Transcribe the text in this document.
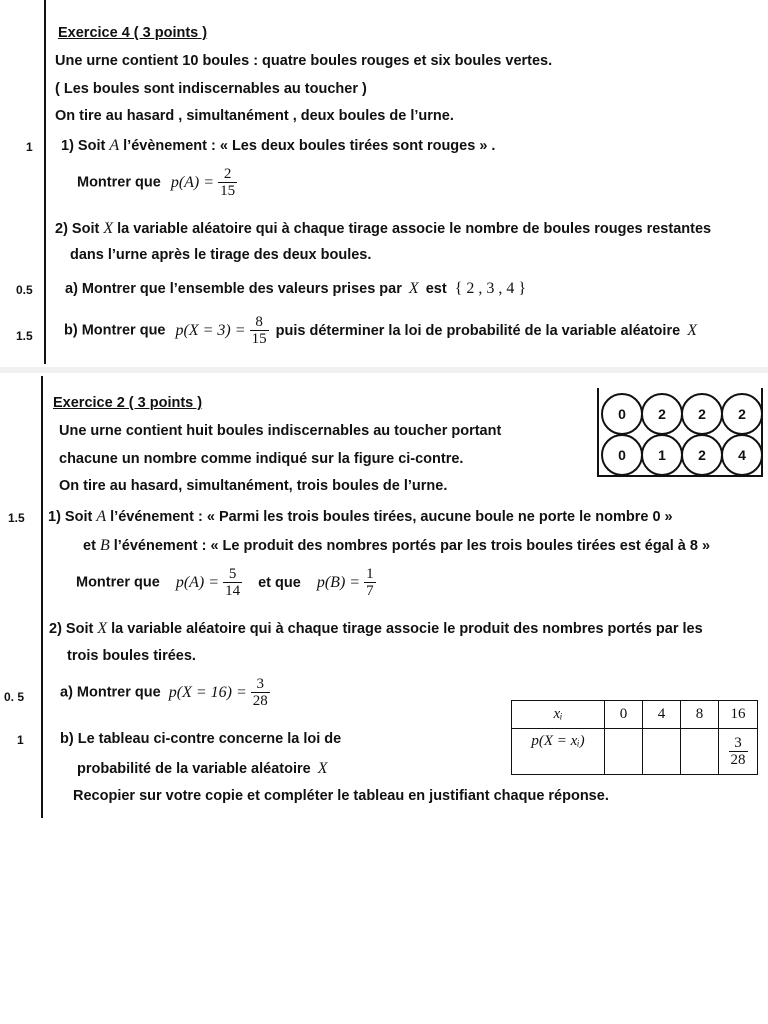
Exercice 4 ( 3 points )
Une urne contient 10 boules : quatre boules rouges et six boules vertes.
( Les boules sont indiscernables au toucher )
On tire au hasard , simultanément , deux boules de l’urne.
1 1) Soit A l’évènement : « Les deux boules tirées sont rouges » .
Montrer que $p(A) = \frac{2}{15}$
2) Soit X la variable aléatoire qui à chaque tirage associe le nombre de boules rouges restantes
dans l’urne après le tirage des deux boules.
0.5 a) Montrer que l’ensemble des valeurs prises par X est { 2 , 3 , 4 }
1.5 b) Montrer que $p(X = 3) = \frac{8}{15}$ puis déterminer la loi de probabilité de la variable aléatoire X
Exercice 2 ( 3 points )
Une urne contient huit boules indiscernables au toucher portant
chacune un nombre comme indiqué sur la figure ci-contre.
On tire au hasard, simultanément, trois boules de l’urne.
0	2	2	2
0	1	2	4
1.5 1) Soit A l’événement : « Parmi les trois boules tirées, aucune boule ne porte le nombre 0 »
et B l’événement : « Le produit des nombres portés par les trois boules tirées est égal à 8 »
Montrer que $p(A) = \frac{5}{14}$ et que $p(B) = \frac{1}{7}$
2) Soit X la variable aléatoire qui à chaque tirage associe le produit des nombres portés par les
trois boules tirées.
0. 5 a) Montrer que $p(X = 16) = \frac{3}{28}$
1	b) Le tableau ci-contre concerne la loi de
probabilité de la variable aléatoire X
Recopier sur votre copie et compléter le tableau en justifiant chaque réponse.
xᵢ	0	4	8	16
p(X = xᵢ)				$\frac{3}{28}$
